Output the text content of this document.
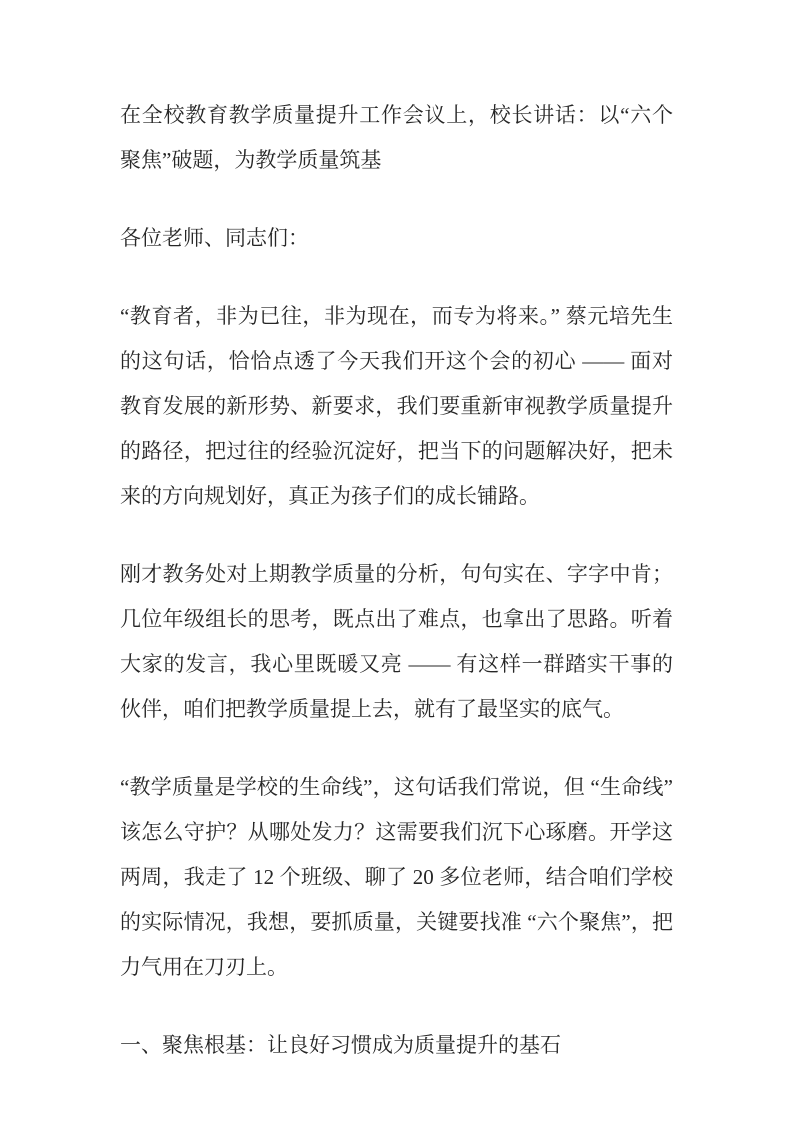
在全校教育教学质量提升工作会议上，校长讲话：以“六个聚焦”破题，为教学质量筑基

各位老师、同志们：

“教育者，非为已往，非为现在，而专为将来。” 蔡元培先生的这句话，恰恰点透了今天我们开这个会的初心 —— 面对教育发展的新形势、新要求，我们要重新审视教学质量提升的路径，把过往的经验沉淀好，把当下的问题解决好，把未来的方向规划好，真正为孩子们的成长铺路。

刚才教务处对上期教学质量的分析，句句实在、字字中肯；几位年级组长的思考，既点出了难点，也拿出了思路。听着大家的发言，我心里既暖又亮 —— 有这样一群踏实干事的伙伴，咱们把教学质量提上去，就有了最坚实的底气。

“教学质量是学校的生命线”，这句话我们常说，但 “生命线” 该怎么守护？从哪处发力？这需要我们沉下心琢磨。开学这两周，我走了 12 个班级、聊了 20 多位老师，结合咱们学校的实际情况，我想，要抓质量，关键要找准 “六个聚焦”，把力气用在刀刃上。

一、聚焦根基：让良好习惯成为质量提升的基石
